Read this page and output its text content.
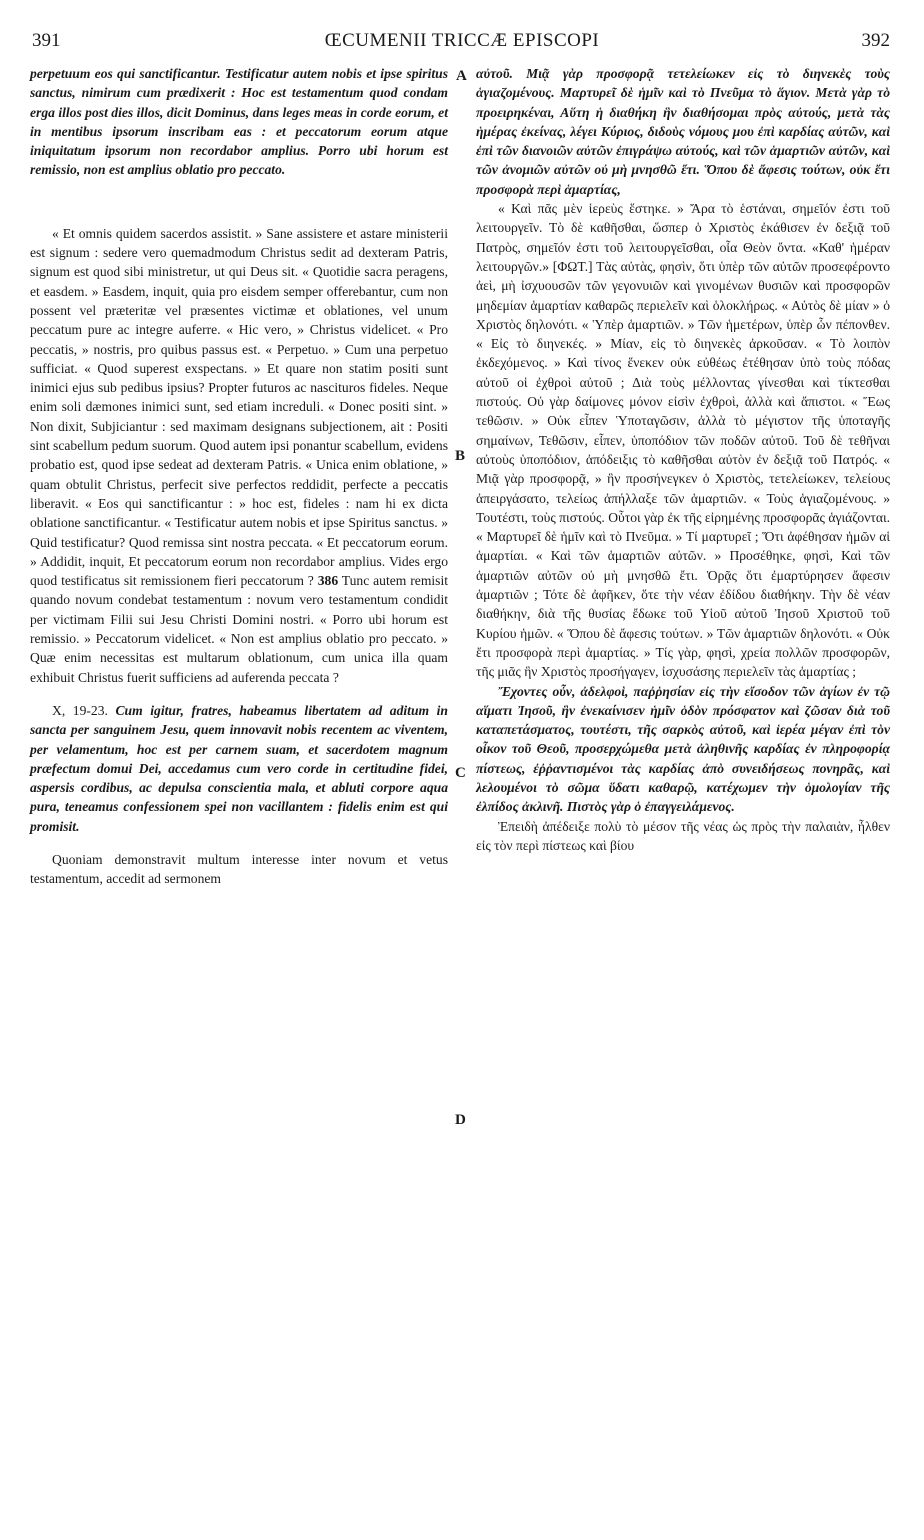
391	ŒCUMENII TRICCÆ EPISCOPI	392
A
B
C
D

perpetuum eos qui sanctificantur. Testificatur autem nobis et ipse spiritus sanctus, nimirum cum prædixerit : Hoc est testamentum quod condam erga illos post dies illos, dicit Dominus, dans leges meas in corde eorum, et in mentibus ipsorum inscribam eas : et peccatorum eorum atque iniquitatum ipsorum non recordabor amplius. Porro ubi horum est remissio, non est amplius oblatio pro peccato.

« Et omnis quidem sacerdos assistit. » Sane assistere et astare ministerii est signum : sedere vero quemadmodum Christus sedit ad dexteram Patris, signum est quod sibi ministretur, ut qui Deus sit. « Quotidie sacra peragens, et easdem. » Easdem, inquit, quia pro eisdem semper offerebantur, cum non possent vel præteritæ vel præsentes victimæ et oblationes, vel unum peccatum pure ac integre auferre. « Hic vero, » Christus videlicet. « Pro peccatis, » nostris, pro quibus passus est. « Perpetuo. » Cum una perpetuo sufficiat. « Quod superest exspectans. » Et quare non statim positi sunt inimici ejus sub pedibus ipsius? Propter futuros ac nascituros fideles. Neque enim soli dæmones inimici sunt, sed etiam increduli. « Donec positi sint. » Non dixit, Subjiciantur : sed maximam designans subjectionem, ait : Positi sint scabellum pedum suorum. Quod autem ipsi ponantur scabellum, evidens probatio est, quod ipse sedeat ad dexteram Patris. « Unica enim oblatione, » quam obtulit Christus, perfecit sive perfectos reddidit, perfecte a peccatis liberavit. « Eos qui sanctificantur : » hoc est, fideles : nam hi ex dicta oblatione sanctificantur. « Testificatur autem nobis et ipse Spiritus sanctus. » Quid testificatur? Quod remissa sint nostra peccata. « Et peccatorum eorum. » Addidit, inquit, Et peccatorum eorum non recordabor amplius. Vides ergo quod testificatus sit remissionem fieri peccatorum ? 386 Tunc autem remisit quando novum condebat testamentum : novum vero testamentum condidit per victimam Filii sui Jesu Christi Domini nostri. « Porro ubi horum est remissio. » Peccatorum videlicet. « Non est amplius oblatio pro peccato. » Quæ enim necessitas est multarum oblationum, cum unica illa quam exhibuit Christus fuerit sufficiens ad auferenda peccata ?

X, 19-23. Cum igitur, fratres, habeamus libertatem ad aditum in sancta per sanguinem Jesu, quem innovavit nobis recentem ac viventem, per velamentum, hoc est per carnem suam, et sacerdotem magnum præfectum domui Dei, accedamus cum vero corde in certitudine fidei, aspersis cordibus, ac depulsa conscientia mala, et abluti corpore aqua pura, teneamus confessionem spei non vacillantem : fidelis enim est qui promisit.

Quoniam demonstravit multum interesse inter novum et vetus testamentum, accedit ad sermonem

αὐτοῦ. Μιᾷ γὰρ προσφορᾷ τετελείωκεν εἰς τὸ διηνεκὲς τοὺς ἁγιαζομένους. Μαρτυρεῖ δὲ ἡμῖν καὶ τὸ Πνεῦμα τὸ ἅγιον. Μετὰ γὰρ τὸ προειρηκέναι, Αὕτη ἡ διαθήκη ἣν διαθήσομαι πρὸς αὐτούς, μετὰ τὰς ἡμέρας ἐκείνας, λέγει Κύριος, διδοὺς νόμους μου ἐπὶ καρδίας αὐτῶν, καὶ ἐπὶ τῶν διανοιῶν αὐτῶν ἐπιγράψω αὐτούς, καὶ τῶν ἁμαρτιῶν αὐτῶν, καὶ τῶν ἀνομιῶν αὐτῶν οὐ μὴ μνησθῶ ἔτι. Ὅπου δὲ ἄφεσις τούτων, οὐκ ἔτι προσφορὰ περὶ ἁμαρτίας,

« Καὶ πᾶς μὲν ἱερεὺς ἕστηκε. » Ἄρα τὸ ἑστάναι, σημεῖόν ἐστι τοῦ λειτουργεῖν. Τὸ δὲ καθῆσθαι, ὥσπερ ὁ Χριστὸς ἐκάθισεν ἐν δεξιᾷ τοῦ Πατρὸς, σημεῖόν ἐστι τοῦ λειτουργεῖσθαι, οἷα Θεὸν ὄντα. «Καθ' ἡμέραν λειτουργῶν.» [ΦΩΤ.] Τὰς αὐτὰς, φησὶν, ὅτι ὑπὲρ τῶν αὐτῶν προσεφέροντο ἀεὶ, μὴ ἰσχυουσῶν τῶν γεγονυιῶν καὶ γινομένων θυσιῶν καὶ προσφορῶν μηδεμίαν ἁμαρτίαν καθαρῶς περιελεῖν καὶ ὁλοκλήρως. « Αὐτὸς δὲ μίαν » ὁ Χριστὸς δηλονότι. « Ὑπὲρ ἁμαρτιῶν. » Τῶν ἡμετέρων, ὑπὲρ ὧν πέπονθεν. « Εἰς τὸ διηνεκές. » Μίαν, εἰς τὸ διηνεκὲς ἀρκοῦσαν. « Τὸ λοιπὸν ἐκδεχόμενος. » Καὶ τίνος ἕνεκεν οὐκ εὐθέως ἐτέθησαν ὑπὸ τοὺς πόδας αὐτοῦ οἱ ἐχθροὶ αὐτοῦ ; Διὰ τοὺς μέλλοντας γίνεσθαι καὶ τίκτεσθαι πιστούς. Οὐ γὰρ δαίμονες μόνον εἰσὶν ἐχθροὶ, ἀλλὰ καὶ ἄπιστοι. « Ἕως τεθῶσιν. » Οὐκ εἶπεν Ὑποταγῶσιν, ἀλλὰ τὸ μέγιστον τῆς ὑποταγῆς σημαίνων, Τεθῶσιν, εἶπεν, ὑποπόδιον τῶν ποδῶν αὐτοῦ. Τοῦ δὲ τεθῆναι αὐτοὺς ὑποπόδιον, ἀπόδειξις τὸ καθῆσθαι αὐτὸν ἐν δεξιᾷ τοῦ Πατρός. « Μιᾷ γὰρ προσφορᾷ, » ἣν προσήνεγκεν ὁ Χριστὸς, τετελείωκεν, τελείους ἀπειργάσατο, τελείως ἀπήλλαξε τῶν ἁμαρτιῶν. « Τοὺς ἁγιαζομένους. » Τουτέστι, τοὺς πιστούς. Οὗτοι γὰρ ἐκ τῆς εἰρημένης προσφορᾶς ἁγιάζονται. « Μαρτυρεῖ δὲ ἡμῖν καὶ τὸ Πνεῦμα. » Τί μαρτυρεῖ ; Ὅτι ἀφέθησαν ἡμῶν αἱ ἁμαρτίαι. « Καὶ τῶν ἁμαρτιῶν αὐτῶν. » Προσέθηκε, φησὶ, Καὶ τῶν ἁμαρτιῶν αὐτῶν οὐ μὴ μνησθῶ ἔτι. Ὁρᾷς ὅτι ἐμαρτύρησεν ἄφεσιν ἁμαρτιῶν ; Τότε δὲ ἀφῆκεν, ὅτε τὴν νέαν ἐδίδου διαθήκην. Τὴν δὲ νέαν διαθήκην, διὰ τῆς θυσίας ἔδωκε τοῦ Υἱοῦ αὐτοῦ Ἰησοῦ Χριστοῦ τοῦ Κυρίου ἡμῶν. « Ὅπου δὲ ἄφεσις τούτων. » Τῶν ἁμαρτιῶν δηλονότι. « Οὐκ ἔτι προσφορὰ περὶ ἁμαρτίας. » Τίς γὰρ, φησὶ, χρεία πολλῶν προσφορῶν, τῆς μιᾶς ἣν Χριστὸς προσήγαγεν, ἰσχυσάσης περιελεῖν τὰς ἁμαρτίας ;

Ἔχοντες οὖν, ἀδελφοὶ, παῤῥησίαν εἰς τὴν εἴσοδον τῶν ἁγίων ἐν τῷ αἵματι Ἰησοῦ, ἣν ἐνεκαίνισεν ἡμῖν ὁδὸν πρόσφατον καὶ ζῶσαν διὰ τοῦ καταπετάσματος, τουτέστι, τῆς σαρκὸς αὐτοῦ, καὶ ἱερέα μέγαν ἐπὶ τὸν οἶκον τοῦ Θεοῦ, προσερχώμεθα μετὰ ἀληθινῆς καρδίας ἐν πληροφορίᾳ πίστεως, ἐῤῥαντισμένοι τὰς καρδίας ἀπὸ συνειδήσεως πονηρᾶς, καὶ λελουμένοι τὸ σῶμα ὕδατι καθαρῷ, κατέχωμεν τὴν ὁμολογίαν τῆς ἐλπίδος ἀκλινῆ. Πιστὸς γὰρ ὁ ἐπαγγειλάμενος.

Ἐπειδὴ ἀπέδειξε πολὺ τὸ μέσον τῆς νέας ὡς πρὸς τὴν παλαιὰν, ἦλθεν εἰς τὸν περὶ πίστεως καὶ βίου
